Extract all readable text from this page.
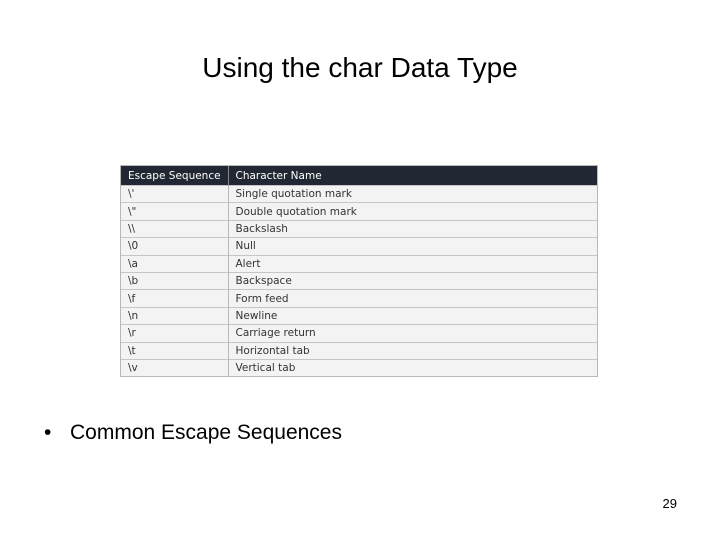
Using the char Data Type
Escape Sequence	Character Name
\'	Single quotation mark
\"	Double quotation mark
\\	Backslash
\0	Null
\a	Alert
\b	Backspace
\f	Form feed
\n	Newline
\r	Carriage return
\t	Horizontal tab
\v	Vertical tab
• Common Escape Sequences
29
